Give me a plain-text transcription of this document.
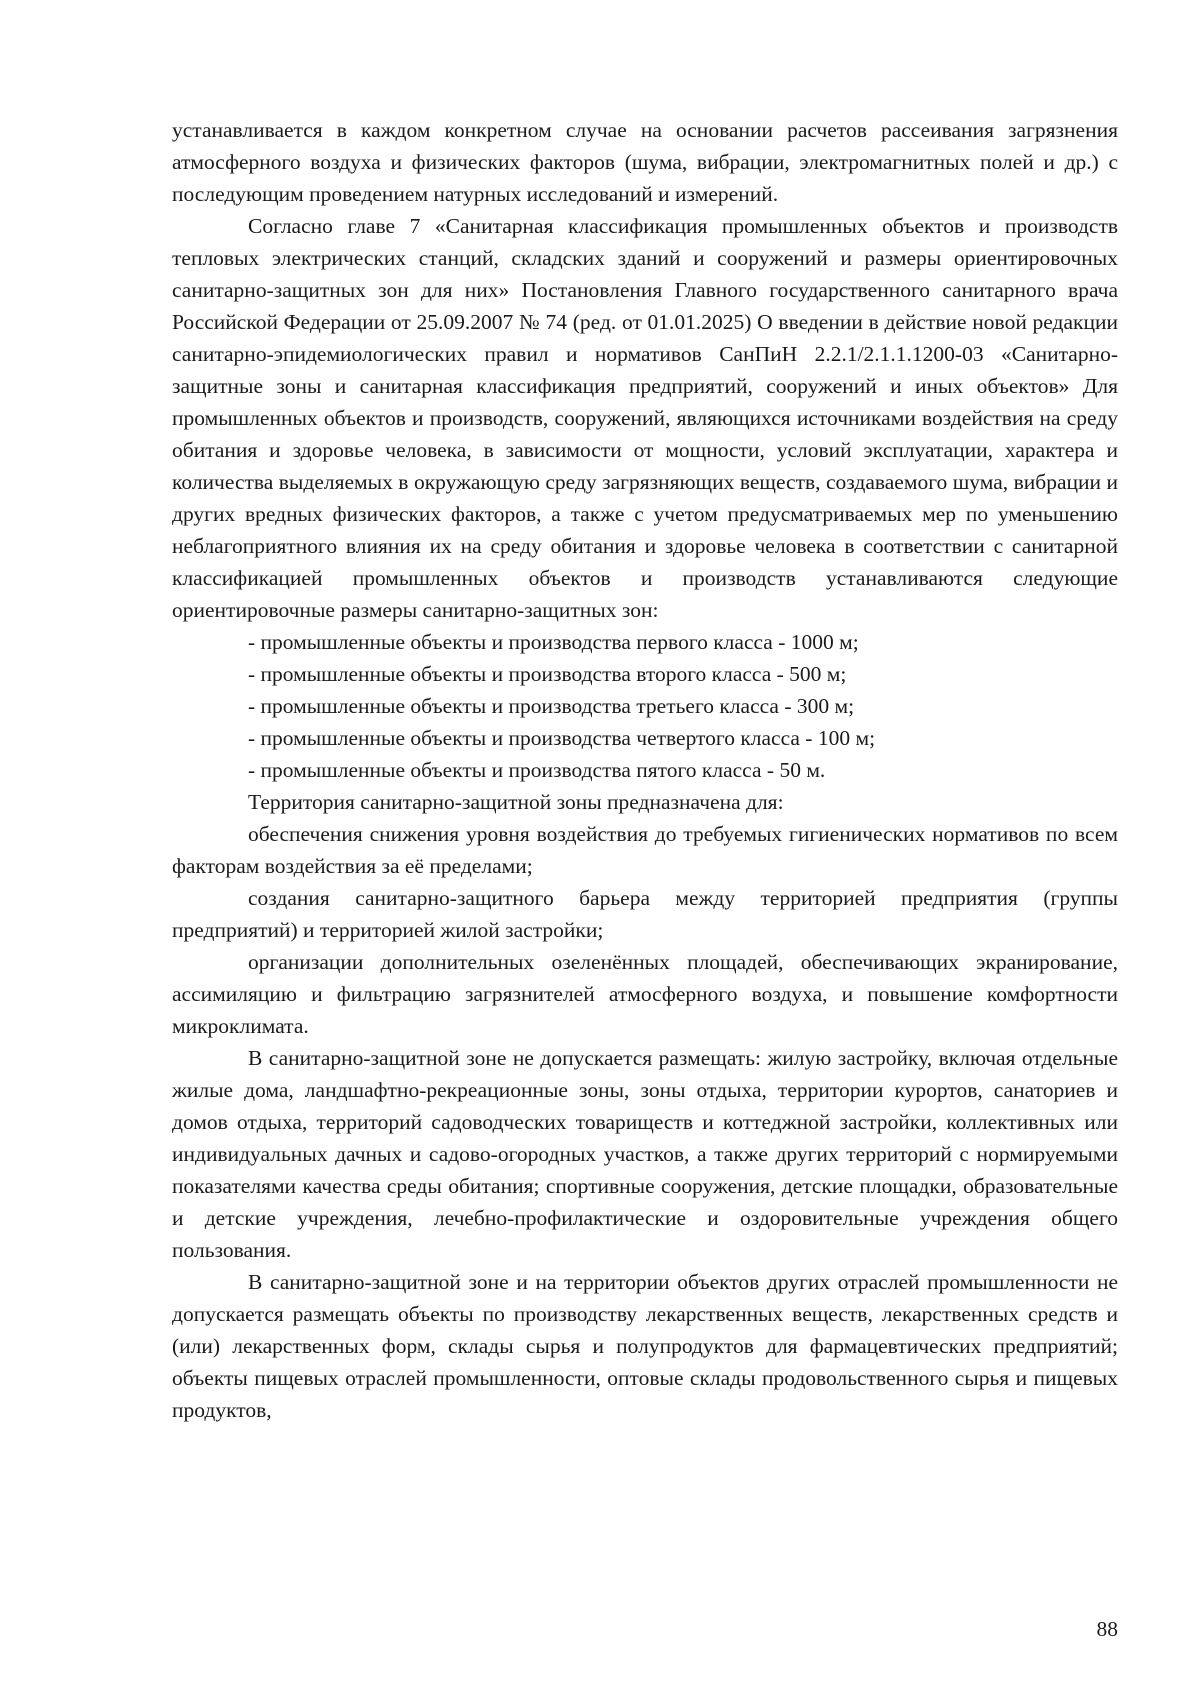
устанавливается в каждом конкретном случае на основании расчетов рассеивания загрязнения атмосферного воздуха и физических факторов (шума, вибрации, электромагнитных полей и др.) с последующим проведением натурных исследований и измерений.

Согласно главе 7 «Санитарная классификация промышленных объектов и производств тепловых электрических станций, складских зданий и сооружений и размеры ориентировочных санитарно-защитных зон для них» Постановления Главного государственного санитарного врача Российской Федерации от 25.09.2007 № 74 (ред. от 01.01.2025) О введении в действие новой редакции санитарно-эпидемиологических правил и нормативов СанПиН 2.2.1/2.1.1.1200-03 «Санитарно-защитные зоны и санитарная классификация предприятий, сооружений и иных объектов» Для промышленных объектов и производств, сооружений, являющихся источниками воздействия на среду обитания и здоровье человека, в зависимости от мощности, условий эксплуатации, характера и количества выделяемых в окружающую среду загрязняющих веществ, создаваемого шума, вибрации и других вредных физических факторов, а также с учетом предусматриваемых мер по уменьшению неблагоприятного влияния их на среду обитания и здоровье человека в соответствии с санитарной классификацией промышленных объектов и производств устанавливаются следующие ориентировочные размеры санитарно-защитных зон:

- промышленные объекты и производства первого класса - 1000 м;

- промышленные объекты и производства второго класса - 500 м;

- промышленные объекты и производства третьего класса - 300 м;

- промышленные объекты и производства четвертого класса - 100 м;

- промышленные объекты и производства пятого класса - 50 м.

Территория санитарно-защитной зоны предназначена для:

обеспечения снижения уровня воздействия до требуемых гигиенических нормативов по всем факторам воздействия за её пределами;

создания санитарно-защитного барьера между территорией предприятия (группы предприятий) и территорией жилой застройки;

организации дополнительных озеленённых площадей, обеспечивающих экранирование, ассимиляцию и фильтрацию загрязнителей атмосферного воздуха, и повышение комфортности микроклимата.

В санитарно-защитной зоне не допускается размещать: жилую застройку, включая отдельные жилые дома, ландшафтно-рекреационные зоны, зоны отдыха, территории курортов, санаториев и домов отдыха, территорий садоводческих товариществ и коттеджной застройки, коллективных или индивидуальных дачных и садово-огородных участков, а также других территорий с нормируемыми показателями качества среды обитания; спортивные сооружения, детские площадки, образовательные и детские учреждения, лечебно-профилактические и оздоровительные учреждения общего пользования.

В санитарно-защитной зоне и на территории объектов других отраслей промышленности не допускается размещать объекты по производству лекарственных веществ, лекарственных средств и (или) лекарственных форм, склады сырья и полупродуктов для фармацевтических предприятий; объекты пищевых отраслей промышленности, оптовые склады продовольственного сырья и пищевых продуктов,

88
